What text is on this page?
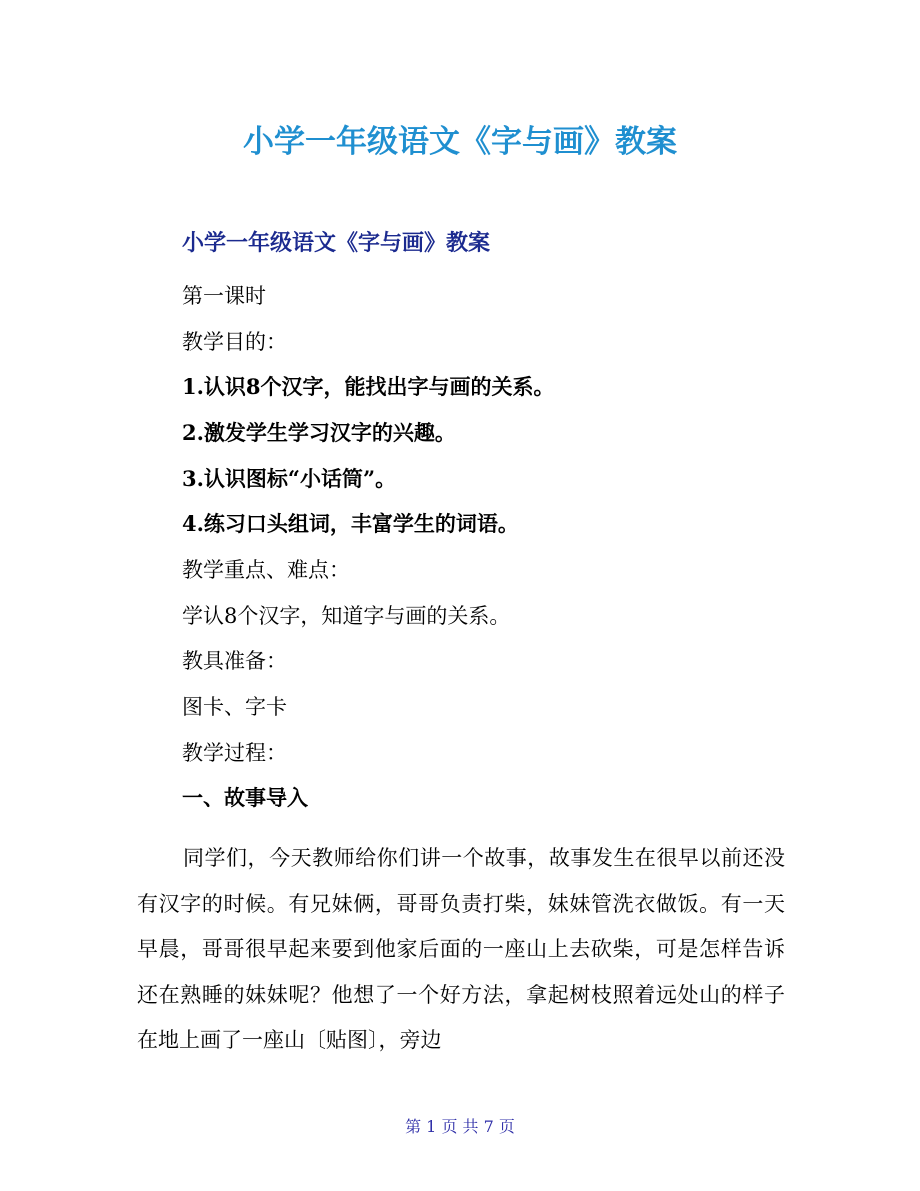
小学一年级语文《字与画》教案
小学一年级语文《字与画》教案
第一课时
教学目的：
1.认识8个汉字，能找出字与画的关系。
2.激发学生学习汉字的兴趣。
3.认识图标“小话筒”。
4.练习口头组词，丰富学生的词语。
教学重点、难点：
学认8个汉字，知道字与画的关系。
教具准备：
图卡、字卡
教学过程：
一、故事导入
同学们，今天教师给你们讲一个故事，故事发生在很早以前还没有汉字的时候。有兄妹俩，哥哥负责打柴，妹妹管洗衣做饭。有一天早晨，哥哥很早起来要到他家后面的一座山上去砍柴，可是怎样告诉还在熟睡的妹妹呢？他想了一个好方法，拿起树枝照着远处山的样子在地上画了一座山〔贴图〕，旁边
第 1 页 共 7 页
